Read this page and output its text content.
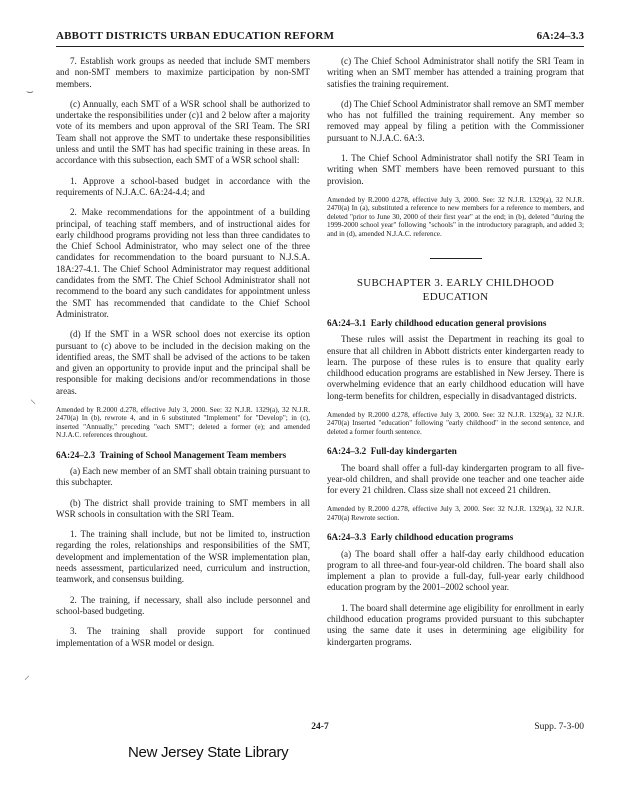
ABBOTT DISTRICTS URBAN EDUCATION REFORM	6A:24–3.3

7. Establish work groups as needed that include SMT members and non-SMT members to maximize participation by non-SMT members.

(c) Annually, each SMT of a WSR school shall be authorized to undertake the responsibilities under (c)1 and 2 below after a majority vote of its members and upon approval of the SRI Team. The SRI Team shall not approve the SMT to undertake these responsibilities unless and until the SMT has had specific training in these areas. In accordance with this subsection, each SMT of a WSR school shall:

1. Approve a school-based budget in accordance with the requirements of N.J.A.C. 6A:24-4.4; and

2. Make recommendations for the appointment of a building principal, of teaching staff members, and of instructional aides for early childhood programs providing not less than three candidates to the Chief School Administrator, who may select one of the three candidates for recommendation to the board pursuant to N.J.S.A. 18A:27-4.1. The Chief School Administrator may request additional candidates from the SMT. The Chief School Administrator shall not recommend to the board any such candidates for appointment unless the SMT has recommended that candidate to the Chief School Administrator.

(d) If the SMT in a WSR school does not exercise its option pursuant to (c) above to be included in the decision making on the identified areas, the SMT shall be advised of the actions to be taken and given an opportunity to provide input and the principal shall be responsible for making decisions and/or recommendations in those areas.

Amended by R.2000 d.278, effective July 3, 2000. See: 32 N.J.R. 1329(a), 32 N.J.R. 2470(a) In (b), rewrote 4, and in 6 substituted "Implement" for "Develop"; in (c), inserted "Annually," preceding "each SMT"; deleted a former (e); and amended N.J.A.C. references throughout.

6A:24–2.3 Training of School Management Team members

(a) Each new member of an SMT shall obtain training pursuant to this subchapter.

(b) The district shall provide training to SMT members in all WSR schools in consultation with the SRI Team.

1. The training shall include, but not be limited to, instruction regarding the roles, relationships and responsibilities of the SMT, development and implementation of the WSR implementation plan, needs assessment, particularized need, curriculum and instruction, teamwork, and consensus building.

2. The training, if necessary, shall also include personnel and school-based budgeting.

3. The training shall provide support for continued implementation of a WSR model or design.

(c) The Chief School Administrator shall notify the SRI Team in writing when an SMT member has attended a training program that satisfies the training requirement.

(d) The Chief School Administrator shall remove an SMT member who has not fulfilled the training requirement. Any member so removed may appeal by filing a petition with the Commissioner pursuant to N.J.A.C. 6A:3.

1. The Chief School Administrator shall notify the SRI Team in writing when SMT members have been removed pursuant to this provision.

Amended by R.2000 d.278, effective July 3, 2000. See: 32 N.J.R. 1329(a), 32 N.J.R. 2470(a) In (a), substituted a reference to new members for a reference to members, and deleted "prior to June 30, 2000 of their first year" at the end; in (b), deleted "during the 1999-2000 school year" following "schools" in the introductory paragraph, and added 3; and in (d), amended N.J.A.C. reference.

SUBCHAPTER 3. EARLY CHILDHOOD
EDUCATION

6A:24–3.1 Early childhood education general provisions

These rules will assist the Department in reaching its goal to ensure that all children in Abbott districts enter kindergarten ready to learn. The purpose of these rules is to ensure that quality early childhood education programs are established in New Jersey. There is overwhelming evidence that an early childhood education will have long-term benefits for children, especially in disadvantaged districts.

Amended by R.2000 d.278, effective July 3, 2000. See: 32 N.J.R. 1329(a), 32 N.J.R. 2470(a) Inserted "education" following "early childhood" in the second sentence, and deleted a former fourth sentence.

6A:24–3.2 Full-day kindergarten

The board shall offer a full-day kindergarten program to all five-year-old children, and shall provide one teacher and one teacher aide for every 21 children. Class size shall not exceed 21 children.

Amended by R.2000 d.278, effective July 3, 2000. See: 32 N.J.R. 1329(a), 32 N.J.R. 2470(a) Rewrote section.

6A:24–3.3 Early childhood education programs

(a) The board shall offer a half-day early childhood education program to all three-and four-year-old children. The board shall also implement a plan to provide a full-day, full-year early childhood education program by the 2001–2002 school year.

1. The board shall determine age eligibility for enrollment in early childhood education programs provided pursuant to this subchapter using the same date it uses in determining age eligibility for kindergarten programs.

⌣
⸜
⸝
24-7	Supp. 7-3-00
New Jersey State Library
